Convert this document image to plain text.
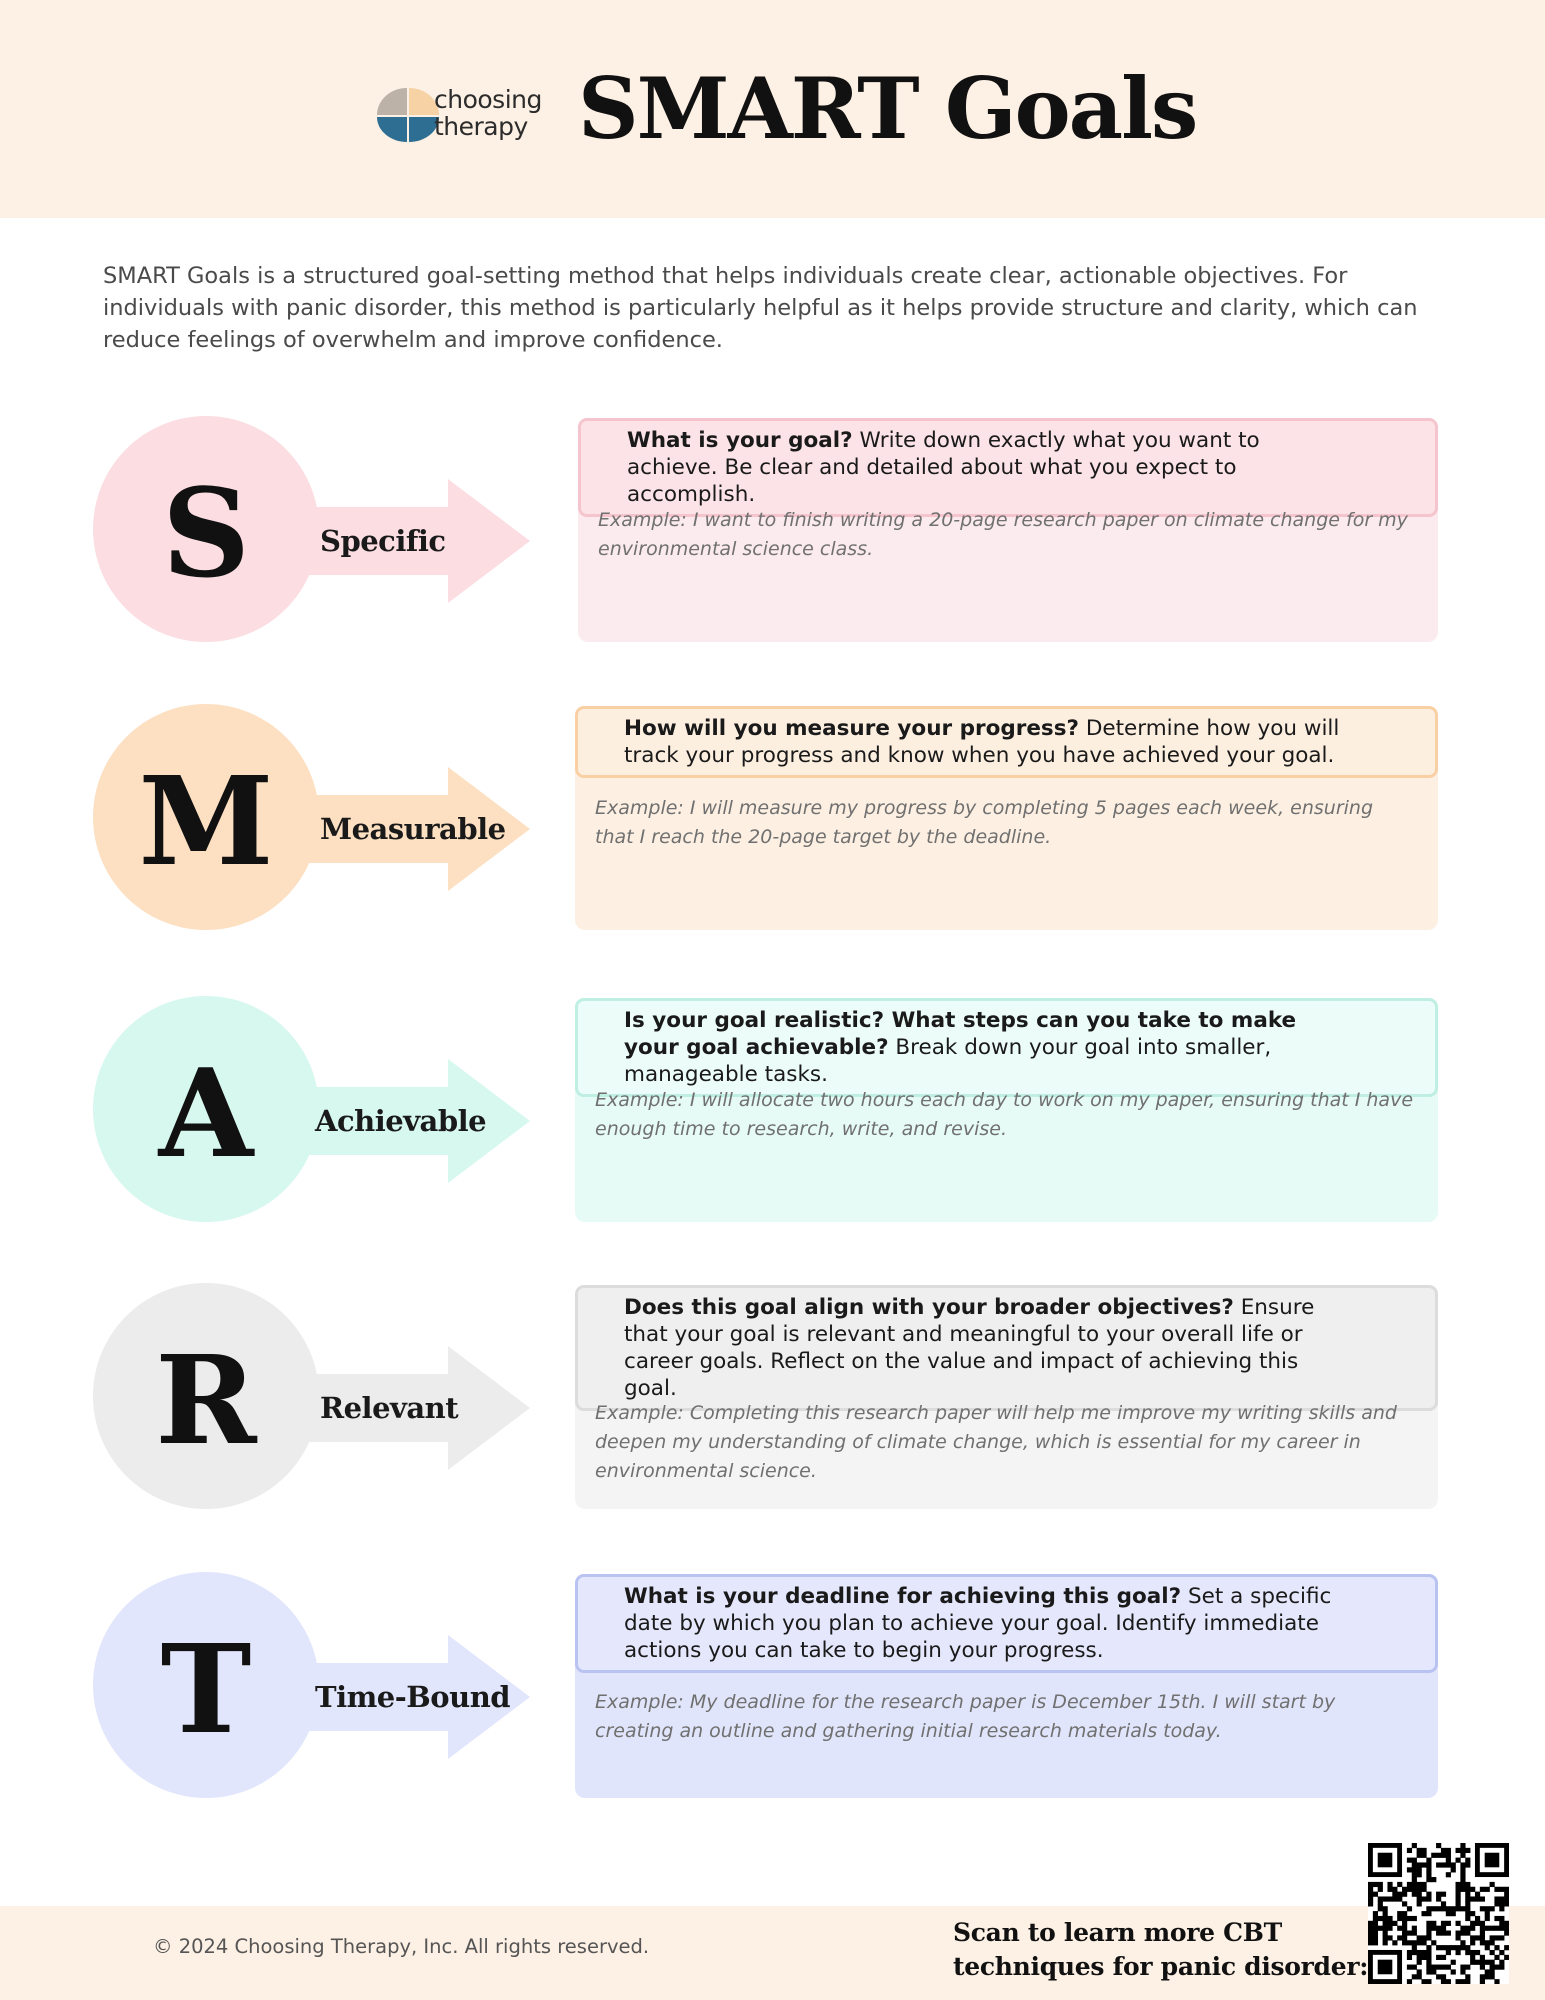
choosing
therapy SMART Goals

SMART Goals is a structured goal-setting method that helps individuals create clear, actionable objectives. For individuals with panic disorder, this method is particularly helpful as it helps provide structure and clarity, which can reduce feelings of overwhelm and improve confidence.

S	Specific
What is your goal? Write down exactly what you want to achieve. Be clear and detailed about what you expect to accomplish.
Example: I want to finish writing a 20-page research paper on climate change for my environmental science class.
M	Measurable
How will you measure your progress? Determine how you will track your progress and know when you have achieved your goal.
Example: I will measure my progress by completing 5 pages each week, ensuring that I reach the 20-page target by the deadline.
A	Achievable
Is your goal realistic? What steps can you take to make your goal achievable? Break down your goal into smaller, manageable tasks.
Example: I will allocate two hours each day to work on my paper, ensuring that I have enough time to research, write, and revise.
R	Relevant
Does this goal align with your broader objectives? Ensure that your goal is relevant and meaningful to your overall life or career goals. Reflect on the value and impact of achieving this goal.
Example: Completing this research paper will help me improve my writing skills and deepen my understanding of climate change, which is essential for my career in environmental science.
T	Time-Bound
What is your deadline for achieving this goal? Set a specific date by which you plan to achieve your goal. Identify immediate actions you can take to begin your progress.
Example: My deadline for the research paper is December 15th. I will start by creating an outline and gathering initial research materials today.
© 2024 Choosing Therapy, Inc. All rights reserved.	Scan to learn more CBT
techniques for panic disorder:
